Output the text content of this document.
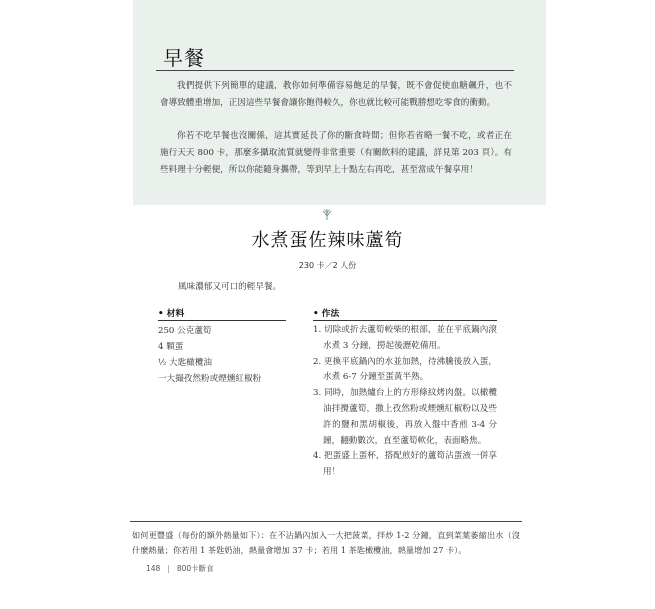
早餐

我們提供下列簡單的建議，教你如何準備容易飽足的早餐，既不會促使血糖飆升，也不會導致體重增加，正因這些早餐會讓你飽得較久，你也就比較可能戰勝想吃零食的衝動。

你若不吃早餐也沒關係，這其實延長了你的斷食時間；但你若省略一餐不吃，或者正在施行天天 800 卡，那麼多攝取流質就變得非常重要（有關飲料的建議，詳見第 203 頁）。有些料理十分輕便，所以你能隨身攜帶，等到早上十點左右再吃，甚至當成午餐享用！

水煮蛋佐辣味蘆筍
230 卡／2 人份
風味濃郁又可口的輕早餐。
• 材料
250 公克蘆筍
4 顆蛋
½ 大匙橄欖油
一大撮孜然粉或煙燻紅椒粉
• 作法
1. 切除或折去蘆筍較柴的根部，並在平底鍋內滾水煮 3 分鐘，撈起後瀝乾備用。
2. 更換平底鍋內的水並加熱，待沸騰後放入蛋，水煮 6-7 分鐘至蛋黃半熟。
3. 同時，加熱爐台上的方形條紋烤肉盤。以橄欖油拌攪蘆筍，撒上孜然粉或煙燻紅椒粉以及些許的鹽和黑胡椒後，再放入盤中香煎 3-4 分鐘，翻動數次，直至蘆筍軟化，表面略焦。
4. 把蛋盛上蛋杯，搭配煎好的蘆筍沾蛋液一併享用！

如何更豐盛（每份的額外熱量如下）：在不沾鍋內加入一大把菠菜，拌炒 1-2 分鐘，直到菜葉萎縮出水（沒什麼熱量；你若用 1 茶匙奶油，熱量會增加 37 卡；若用 1 茶匙橄欖油，熱量增加 27 卡）。

148 | 800卡斷食
